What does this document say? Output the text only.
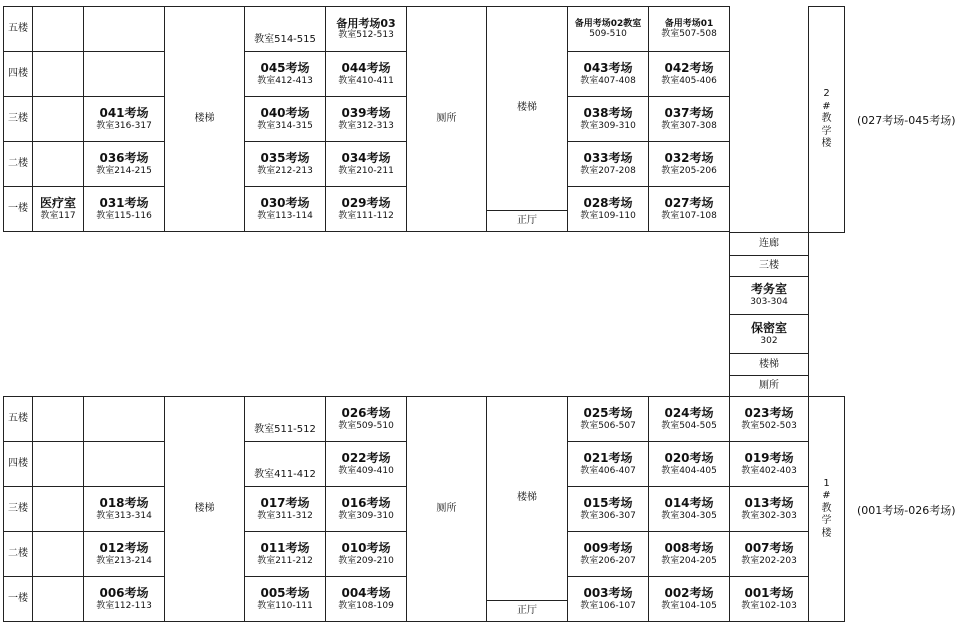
五楼
四楼
三楼
二楼
一楼 医疗室
教室117
041考场
教室316-317
036考场
教室214-215
031考场
教室115-116
楼梯
教室514-515
备用考场03
教室512-513
045考场
教室412-413
044考场
教室410-411
040考场
教室314-315
039考场
教室312-313
035考场
教室212-213
034考场
教室210-211
030考场
教室113-114
029考场
教室111-112
厕所
楼梯
正厅
备用考场02教室
509-510
备用考场01
教室507-508
043考场
教室407-408
042考场
教室405-406
038考场
教室309-310
037考场
教室307-308
033考场
教室207-208
032考场
教室205-206
028考场
教室109-110
027考场
教室107-108
2
#
教
学
楼
(027考场-045考场)
连廊
三楼
考务室
303-304
保密室
302
楼梯
厕所
五楼
四楼
三楼
二楼
一楼
018考场
教室313-314
012考场
教室213-214
006考场
教室112-113
楼梯
教室511-512
026考场
教室509-510
教室411-412
022考场
教室409-410
017考场
教室311-312
016考场
教室309-310
011考场
教室211-212
010考场
教室209-210
005考场
教室110-111
004考场
教室108-109
厕所
楼梯
正厅
025考场
教室506-507
024考场
教室504-505
023考场
教室502-503
021考场
教室406-407
020考场
教室404-405
019考场
教室402-403
015考场
教室306-307
014考场
教室304-305
013考场
教室302-303
009考场
教室206-207
008考场
教室204-205
007考场
教室202-203
003考场
教室106-107
002考场
教室104-105
001考场
教室102-103
1
#
教
学
楼
(001考场-026考场)
